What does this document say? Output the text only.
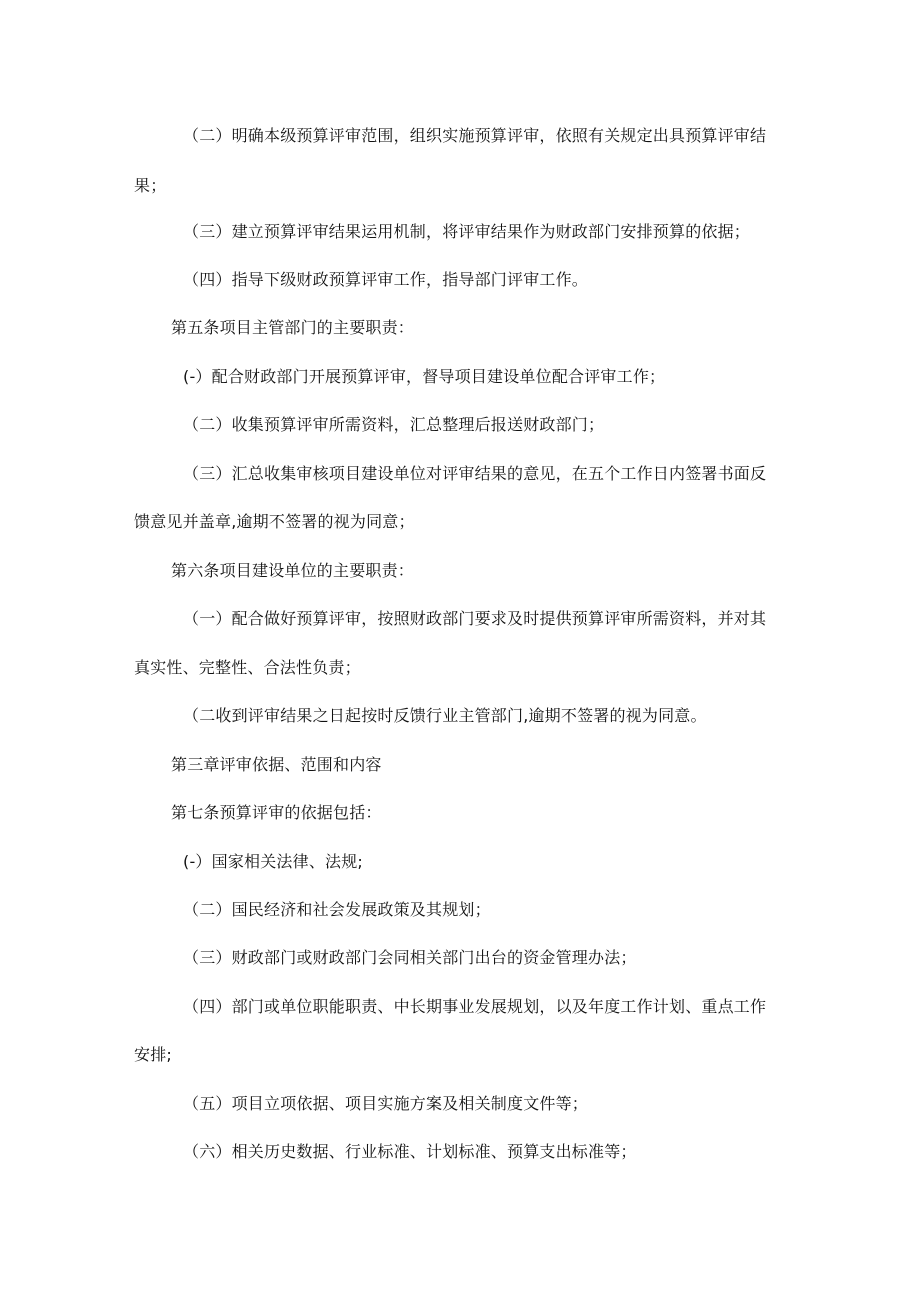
（二）明确本级预算评审范围，组织实施预算评审，依照有关规定出具预算评审结
果；
（三）建立预算评审结果运用机制，将评审结果作为财政部门安排预算的依据；
（四）指导下级财政预算评审工作，指导部门评审工作。
第五条项目主管部门的主要职责：
(-）配合财政部门开展预算评审，督导项目建设单位配合评审工作；
（二）收集预算评审所需资料，汇总整理后报送财政部门；
（三）汇总收集审核项目建设单位对评审结果的意见，在五个工作日内签署书面反
馈意见并盖章,逾期不签署的视为同意；
第六条项目建设单位的主要职责：
（一）配合做好预算评审，按照财政部门要求及时提供预算评审所需资料，并对其
真实性、完整性、合法性负责；
（二收到评审结果之日起按时反馈行业主管部门,逾期不签署的视为同意。
第三章评审依据、范围和内容
第七条预算评审的依据包括：
(-）国家相关法律、法规;
（二）国民经济和社会发展政策及其规划；
（三）财政部门或财政部门会同相关部门出台的资金管理办法；
（四）部门或单位职能职责、中长期事业发展规划，以及年度工作计划、重点工作
安排;
（五）项目立项依据、项目实施方案及相关制度文件等；
（六）相关历史数据、行业标准、计划标准、预算支出标准等；
